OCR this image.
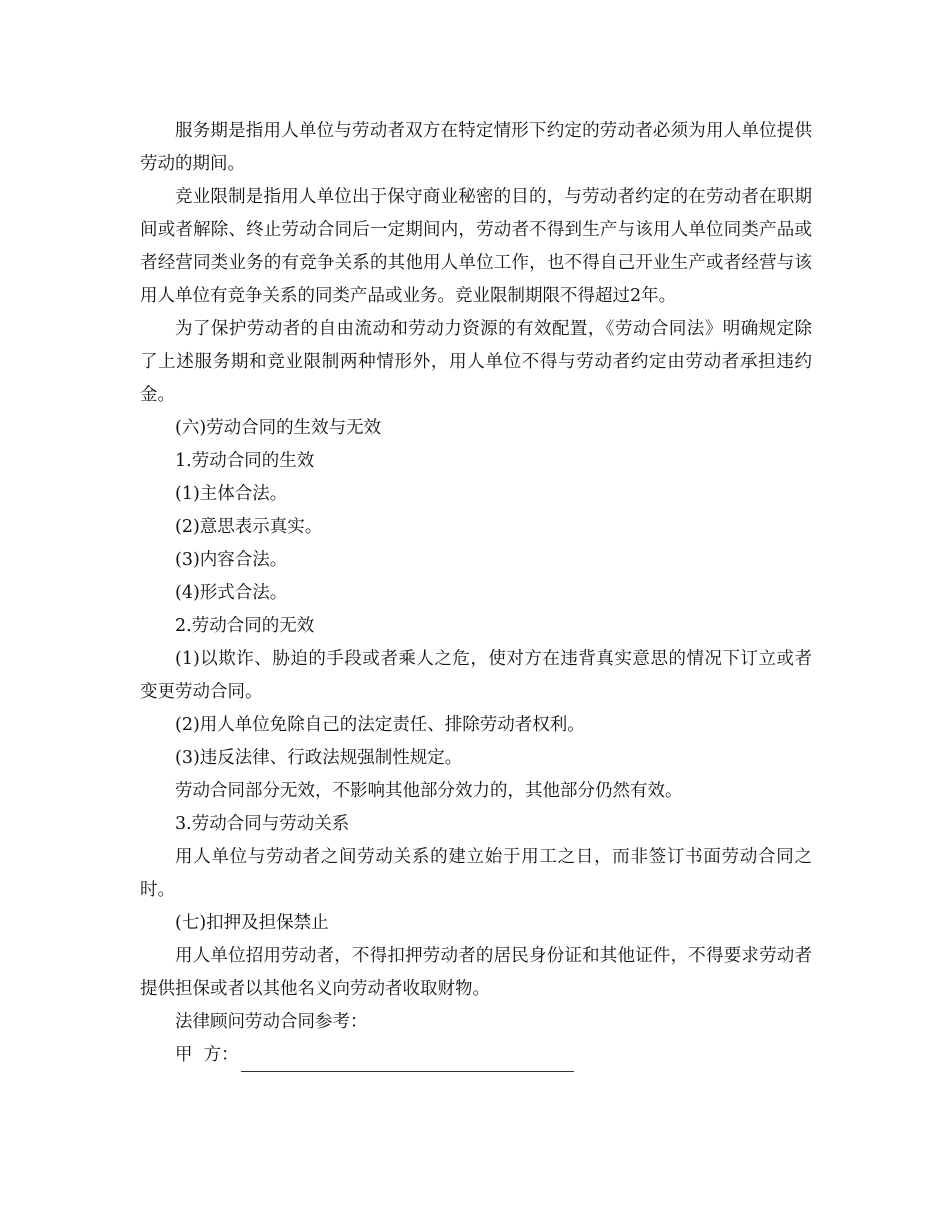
服务期是指用人单位与劳动者双方在特定情形下约定的劳动者必须为用人单位提供劳动的期间。

竞业限制是指用人单位出于保守商业秘密的目的，与劳动者约定的在劳动者在职期间或者解除、终止劳动合同后一定期间内，劳动者不得到生产与该用人单位同类产品或者经营同类业务的有竞争关系的其他用人单位工作，也不得自己开业生产或者经营与该用人单位有竞争关系的同类产品或业务。竞业限制期限不得超过2年。

为了保护劳动者的自由流动和劳动力资源的有效配置，《劳动合同法》明确规定除了上述服务期和竞业限制两种情形外，用人单位不得与劳动者约定由劳动者承担违约金。

(六)劳动合同的生效与无效

1.劳动合同的生效

(1)主体合法。

(2)意思表示真实。

(3)内容合法。

(4)形式合法。

2.劳动合同的无效

(1)以欺诈、胁迫的手段或者乘人之危，使对方在违背真实意思的情况下订立或者变更劳动合同。

(2)用人单位免除自己的法定责任、排除劳动者权利。

(3)违反法律、行政法规强制性规定。

劳动合同部分无效，不影响其他部分效力的，其他部分仍然有效。

3.劳动合同与劳动关系

用人单位与劳动者之间劳动关系的建立始于用工之日，而非签订书面劳动合同之时。

(七)扣押及担保禁止

用人单位招用劳动者，不得扣押劳动者的居民身份证和其他证件，不得要求劳动者提供担保或者以其他名义向劳动者收取财物。

法律顾问劳动合同参考：

甲  方：
